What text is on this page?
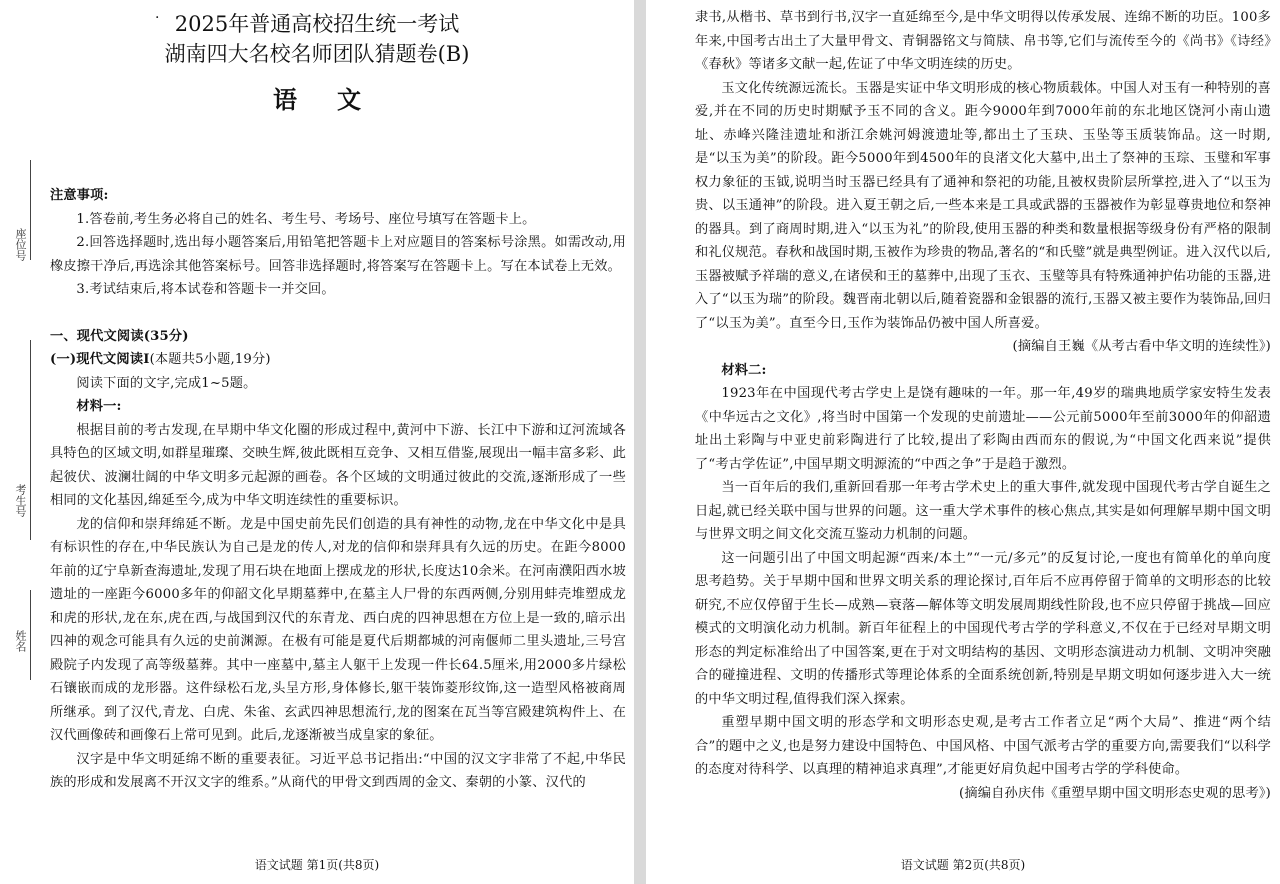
· 2025年普通高校招生统一考试
湖南四大名校名师团队猜题卷(B)
语文
座位号
考生号
姓名

注意事项:

1.答卷前,考生务必将自己的姓名、考生号、考场号、座位号填写在答题卡上。

2.回答选择题时,选出每小题答案后,用铅笔把答题卡上对应题目的答案标号涂黑。如需改动,用橡皮擦干净后,再选涂其他答案标号。回答非选择题时,将答案写在答题卡上。写在本试卷上无效。

3.考试结束后,将本试卷和答题卡一并交回。

一、现代文阅读(35分)

(一)现代文阅读Ⅰ(本题共5小题,19分)

阅读下面的文字,完成1~5题。

材料一:

根据目前的考古发现,在早期中华文化圈的形成过程中,黄河中下游、长江中下游和辽河流域各具特色的区域文明,如群星璀璨、交映生辉,彼此既相互竞争、又相互借鉴,展现出一幅丰富多彩、此起彼伏、波澜壮阔的中华文明多元起源的画卷。各个区域的文明通过彼此的交流,逐渐形成了一些相同的文化基因,绵延至今,成为中华文明连续性的重要标识。

龙的信仰和崇拜绵延不断。龙是中国史前先民们创造的具有神性的动物,龙在中华文化中是具有标识性的存在,中华民族认为自己是龙的传人,对龙的信仰和崇拜具有久远的历史。在距今8000年前的辽宁阜新查海遗址,发现了用石块在地面上摆成龙的形状,长度达10余米。在河南濮阳西水坡遗址的一座距今6000多年的仰韶文化早期墓葬中,在墓主人尸骨的东西两侧,分别用蚌壳堆塑成龙和虎的形状,龙在东,虎在西,与战国到汉代的东青龙、西白虎的四神思想在方位上是一致的,暗示出四神的观念可能具有久远的史前渊源。在极有可能是夏代后期都城的河南偃师二里头遗址,三号宫殿院子内发现了高等级墓葬。其中一座墓中,墓主人躯干上发现一件长64.5厘米,用2000多片绿松石镶嵌而成的龙形器。这件绿松石龙,头呈方形,身体修长,躯干装饰菱形纹饰,这一造型风格被商周所继承。到了汉代,青龙、白虎、朱雀、玄武四神思想流行,龙的图案在瓦当等宫殿建筑构件上、在汉代画像砖和画像石上常可见到。此后,龙逐渐被当成皇家的象征。

汉字是中华文明延绵不断的重要表征。习近平总书记指出:“中国的汉文字非常了不起,中华民族的形成和发展离不开汉文字的维系。”从商代的甲骨文到西周的金文、秦朝的小篆、汉代的

语文试题 第1页(共8页)	语文试题 第2页(共8页)

隶书,从楷书、草书到行书,汉字一直延绵至今,是中华文明得以传承发展、连绵不断的功臣。100多年来,中国考古出土了大量甲骨文、青铜器铭文与简牍、帛书等,它们与流传至今的《尚书》《诗经》《春秋》等诸多文献一起,佐证了中华文明连续的历史。

玉文化传统源远流长。玉器是实证中华文明形成的核心物质载体。中国人对玉有一种特别的喜爱,并在不同的历史时期赋予玉不同的含义。距今9000年到7000年前的东北地区饶河小南山遗址、赤峰兴隆洼遗址和浙江余姚河姆渡遗址等,都出土了玉玦、玉坠等玉质装饰品。这一时期,是“以玉为美”的阶段。距今5000年到4500年的良渚文化大墓中,出土了祭神的玉琮、玉璧和军事权力象征的玉钺,说明当时玉器已经具有了通神和祭祀的功能,且被权贵阶层所掌控,进入了“以玉为贵、以玉通神”的阶段。进入夏王朝之后,一些本来是工具或武器的玉器被作为彰显尊贵地位和祭神的器具。到了商周时期,进入“以玉为礼”的阶段,使用玉器的种类和数量根据等级身份有严格的限制和礼仪规范。春秋和战国时期,玉被作为珍贵的物品,著名的“和氏璧”就是典型例证。进入汉代以后,玉器被赋予祥瑞的意义,在诸侯和王的墓葬中,出现了玉衣、玉璧等具有特殊通神护佑功能的玉器,进入了“以玉为瑞”的阶段。魏晋南北朝以后,随着瓷器和金银器的流行,玉器又被主要作为装饰品,回归了“以玉为美”。直至今日,玉作为装饰品仍被中国人所喜爱。

(摘编自王巍《从考古看中华文明的连续性》)

材料二:

1923年在中国现代考古学史上是饶有趣味的一年。那一年,49岁的瑞典地质学家安特生发表《中华远古之文化》,将当时中国第一个发现的史前遗址——公元前5000年至前3000年的仰韶遗址出土彩陶与中亚史前彩陶进行了比较,提出了彩陶由西而东的假说,为“中国文化西来说”提供了“考古学佐证”,中国早期文明源流的“中西之争”于是趋于激烈。

当一百年后的我们,重新回看那一年考古学术史上的重大事件,就发现中国现代考古学自诞生之日起,就已经关联中国与世界的问题。这一重大学术事件的核心焦点,其实是如何理解早期中国文明与世界文明之间文化交流互鉴动力机制的问题。

这一问题引出了中国文明起源“西来/本土”“一元/多元”的反复讨论,一度也有简单化的单向度思考趋势。关于早期中国和世界文明关系的理论探讨,百年后不应再停留于简单的文明形态的比较研究,不应仅停留于生长—成熟—衰落—解体等文明发展周期线性阶段,也不应只停留于挑战—回应模式的文明演化动力机制。新百年征程上的中国现代考古学的学科意义,不仅在于已经对早期文明形态的判定标准给出了中国答案,更在于对文明结构的基因、文明形态演进动力机制、文明冲突融合的碰撞进程、文明的传播形式等理论体系的全面系统创新,特别是早期文明如何逐步进入大一统的中华文明过程,值得我们深入探索。

重塑早期中国文明的形态学和文明形态史观,是考古工作者立足“两个大局”、推进“两个结合”的題中之义,也是努力建设中国特色、中国风格、中国气派考古学的重要方向,需要我们“以科学的态度对待科学、以真理的精神追求真理”,才能更好肩负起中国考古学的学科使命。

(摘编自孙庆伟《重塑早期中国文明形态史观的思考》)
